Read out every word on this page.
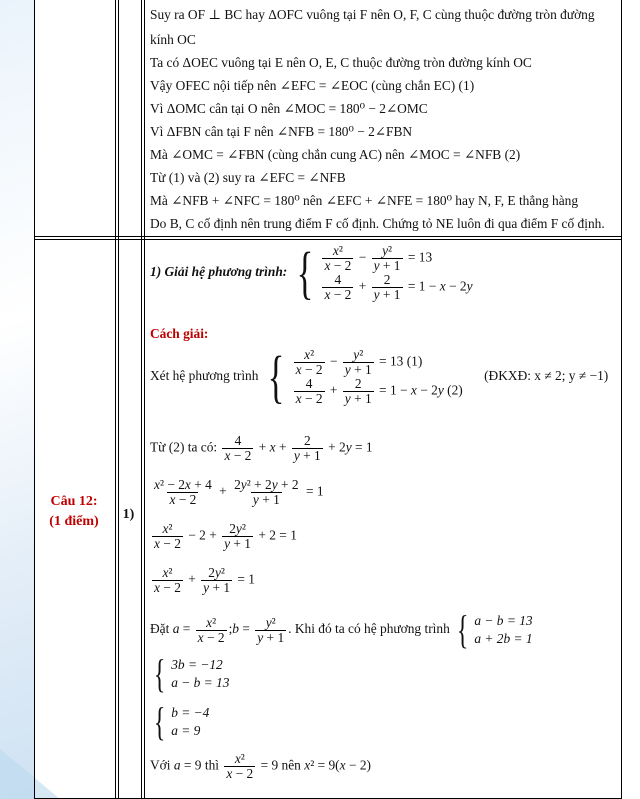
Suy ra OF ⊥ BC hay ΔOFC vuông tại F nên O, F, C cùng thuộc đường tròn đường
kính OC
Ta có ΔOEC vuông tại E nên O, E, C thuộc đường tròn đường kính OC
Vậy OFEC nội tiếp nên ∠EFC = ∠EOC (cùng chắn EC) (1)
Vì ΔOMC cân tại O nên ∠MOC = 180⁰ − 2∠OMC
Vì ΔFBN cân tại F nên ∠NFB = 180⁰ − 2∠FBN
Mà ∠OMC = ∠FBN (cùng chắn cung AC) nên ∠MOC = ∠NFB (2)
Từ (1) và (2) suy ra ∠EFC = ∠NFB
Mà ∠NFB + ∠NFC = 180⁰ nên ∠EFC + ∠NFE = 180⁰ hay N, F, E thẳng hàng
Do B, C cố định nên trung điểm F cố định. Chứng tỏ NE luôn đi qua điểm F cố định.
Câu 12:
(1 điểm)	1)
1) Giải hệ phương trình: { $\frac{\text{x²}}{x - 2} - \frac{\text{y²}}{y + 1} = 13$
$\frac{4}{x - 2} + \frac{2}{y + 1} = 1 - x - 2y$
Cách giải:
Xét hệ phương trình { $\frac{\text{x²}}{x - 2} - \frac{\text{y²}}{y + 1} = 13$ (1)
$\frac{4}{x - 2} + \frac{2}{y + 1} = 1 - x - 2y$ (2)
(ĐKXĐ: x ≠ 2; y ≠ −1)
Từ (2) ta có: $\frac{4}{x - 2} + x + \frac{2}{y + 1} + 2y = 1$
$\frac{\text{x² − 2x + 4}}{x - 2} + \frac{\text{2y² + 2y + 2}}{y + 1} = 1$
$\frac{\text{x²}}{x - 2} - 2 + \frac{\text{2y²}}{y + 1} + 2 = 1$
$\frac{\text{x²}}{x - 2} + \frac{\text{2y²}}{y + 1} = 1$
Đặt $a = \frac{\text{x²}}{x - 2}$ ;b = $\frac{\text{y²}}{y + 1}$ . Khi đó ta có hệ phương trình { a − b = 13
a + 2b = 1
{ 3b = −12
a − b = 13
{ b = −4
a = 9
Với a = 9 thì $\frac{\text{x²}}{x - 2} = 9$ nên x² = 9(x − 2)
